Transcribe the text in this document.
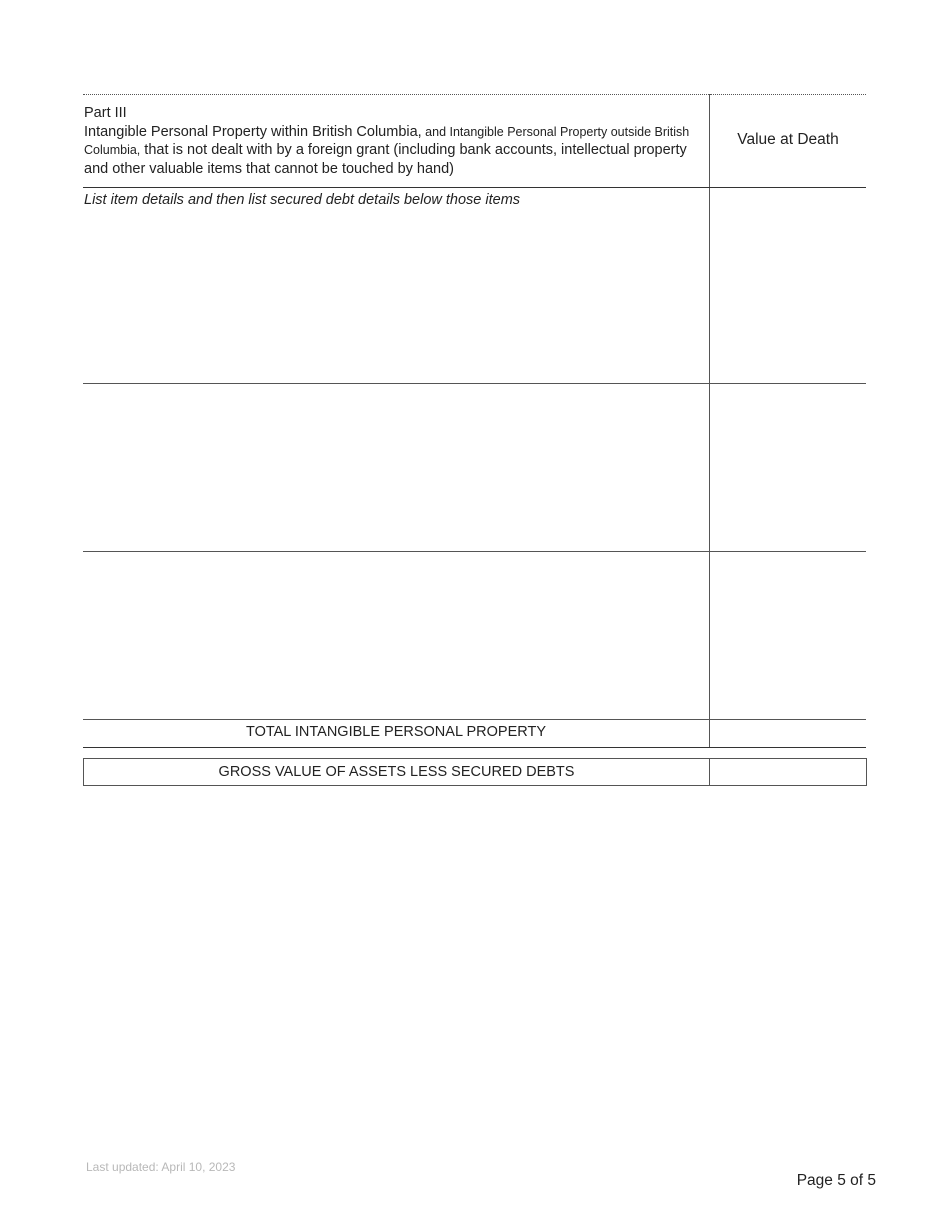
Part III
Intangible Personal Property within British Columbia, and Intangible Personal Property outside British Columbia, that is not dealt with by a foreign grant (including bank accounts, intellectual property and other valuable items that cannot be touched by hand)	Value at Death

List item details and then list secured debt details below those items	

TOTAL INTANGIBLE PERSONAL PROPERTY	

GROSS VALUE OF ASSETS LESS SECURED DEBTS	
Last updated: April 10, 2023
Page 5 of 5
